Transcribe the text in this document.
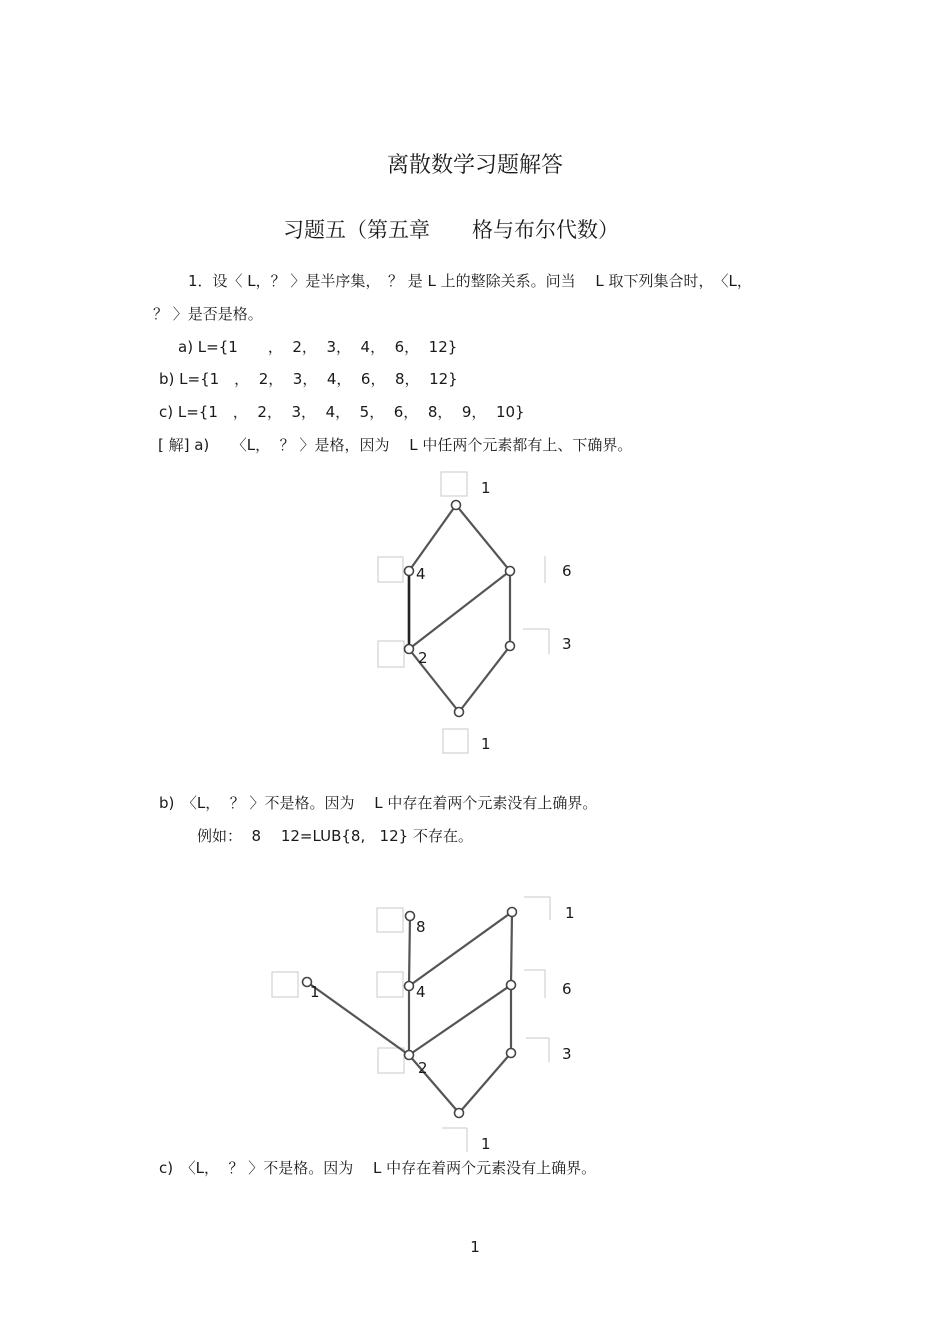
离散数学习题解答
习题五（第五章　　格与布尔代数）
1．设〈 L，？ 〉是半序集，　？ 是 L 上的整除关系。问当　 L 取下列集合时，　〈L，
？ 〉是否是格。
a) L={1　　，  2，  3，  4，  6，  12}
b) L={1　，  2，  3，  4，  6，  8，  12}
c) L={1　，  2，  3，  4，  5，  6，  8，  9，  10}
[ 解] a)　　〈L，  ？ 〉是格，因为　 L 中任两个元素都有上、下确界。
1
4	6
3
2
1
b)　〈L，  ？ 〉不是格。因为　 L 中存在着两个元素没有上确界。
例如：  8　 12=LUB{8,   12} 不存在。
1
8
1	4	6
3
2
1
c)　〈L，  ？ 〉不是格。因为　 L 中存在着两个元素没有上确界。
1
